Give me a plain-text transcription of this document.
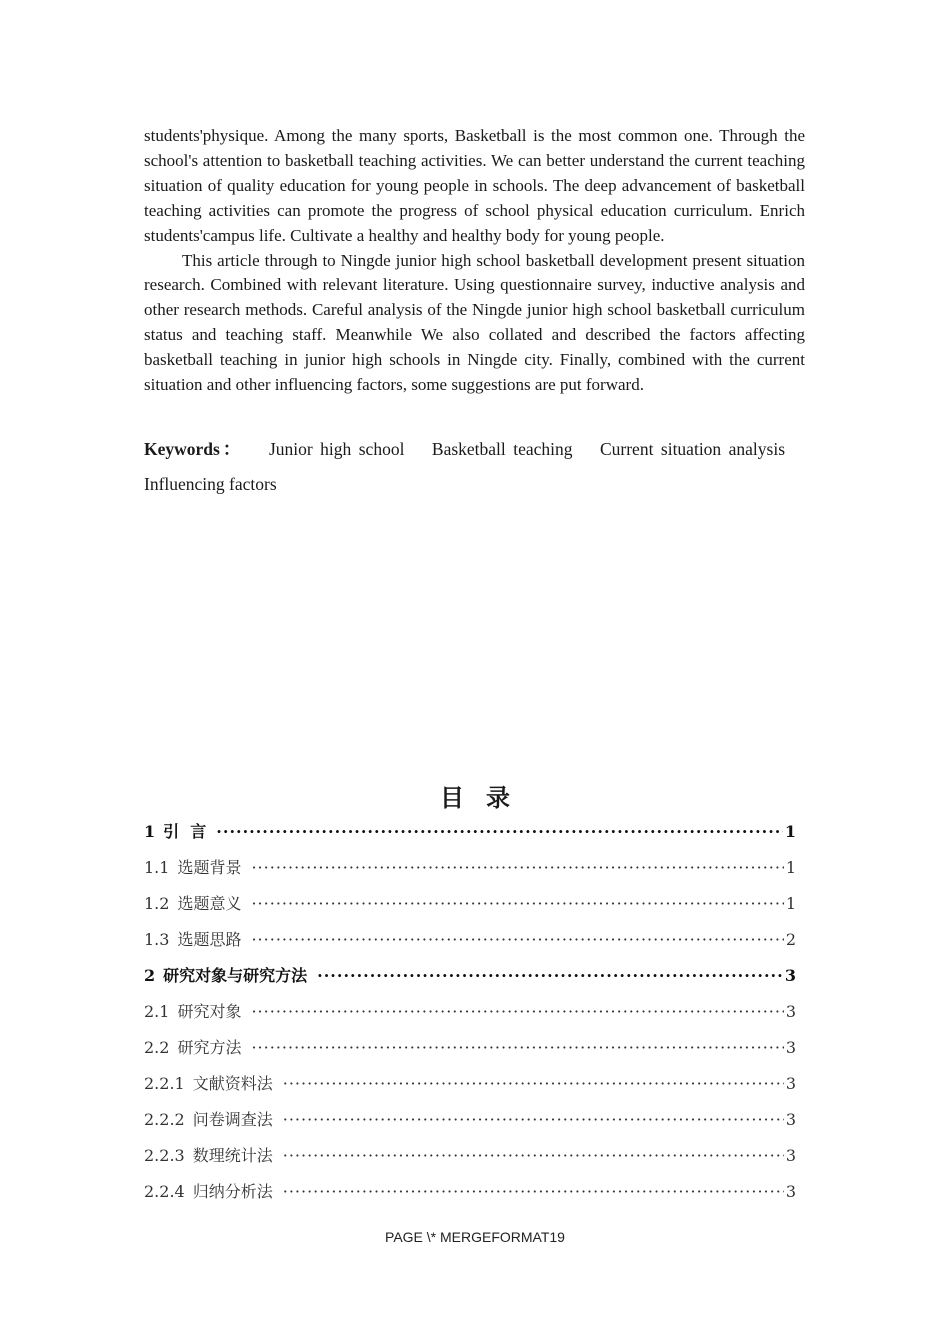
students'physique. Among the many sports, Basketball is the most common one. Through the school's attention to basketball teaching activities. We can better understand the current teaching situation of quality education for young people in schools. The deep advancement of basketball teaching activities can promote the progress of school physical education curriculum. Enrich students'campus life. Cultivate a healthy and healthy body for young people.

This article through to Ningde junior high school basketball development present situation research. Combined with relevant literature. Using questionnaire survey, inductive analysis and other research methods. Careful analysis of the Ningde junior high school basketball curriculum status and teaching staff. Meanwhile We also collated and described the factors affecting basketball teaching in junior high schools in Ningde city. Finally, combined with the current situation and other influencing factors, some suggestions are put forward.

Keywords： Junior high school Basketball teaching Current situation analysis Influencing factors
目录
1 引  言 ·····	1
1.1 选题背景 ·····	1
1.2 选题意义 ·····	1
1.3 选题思路 ·····	2
2 研究对象与研究方法 ·····	3
2.1 研究对象 ·····	3
2.2 研究方法 ·····	3
2.2.1 文献资料法 ·····	3
2.2.2 问卷调查法 ·····	3
2.2.3 数理统计法 ·····	3
2.2.4 归纳分析法 ·····	3
PAGE \* MERGEFORMAT19
